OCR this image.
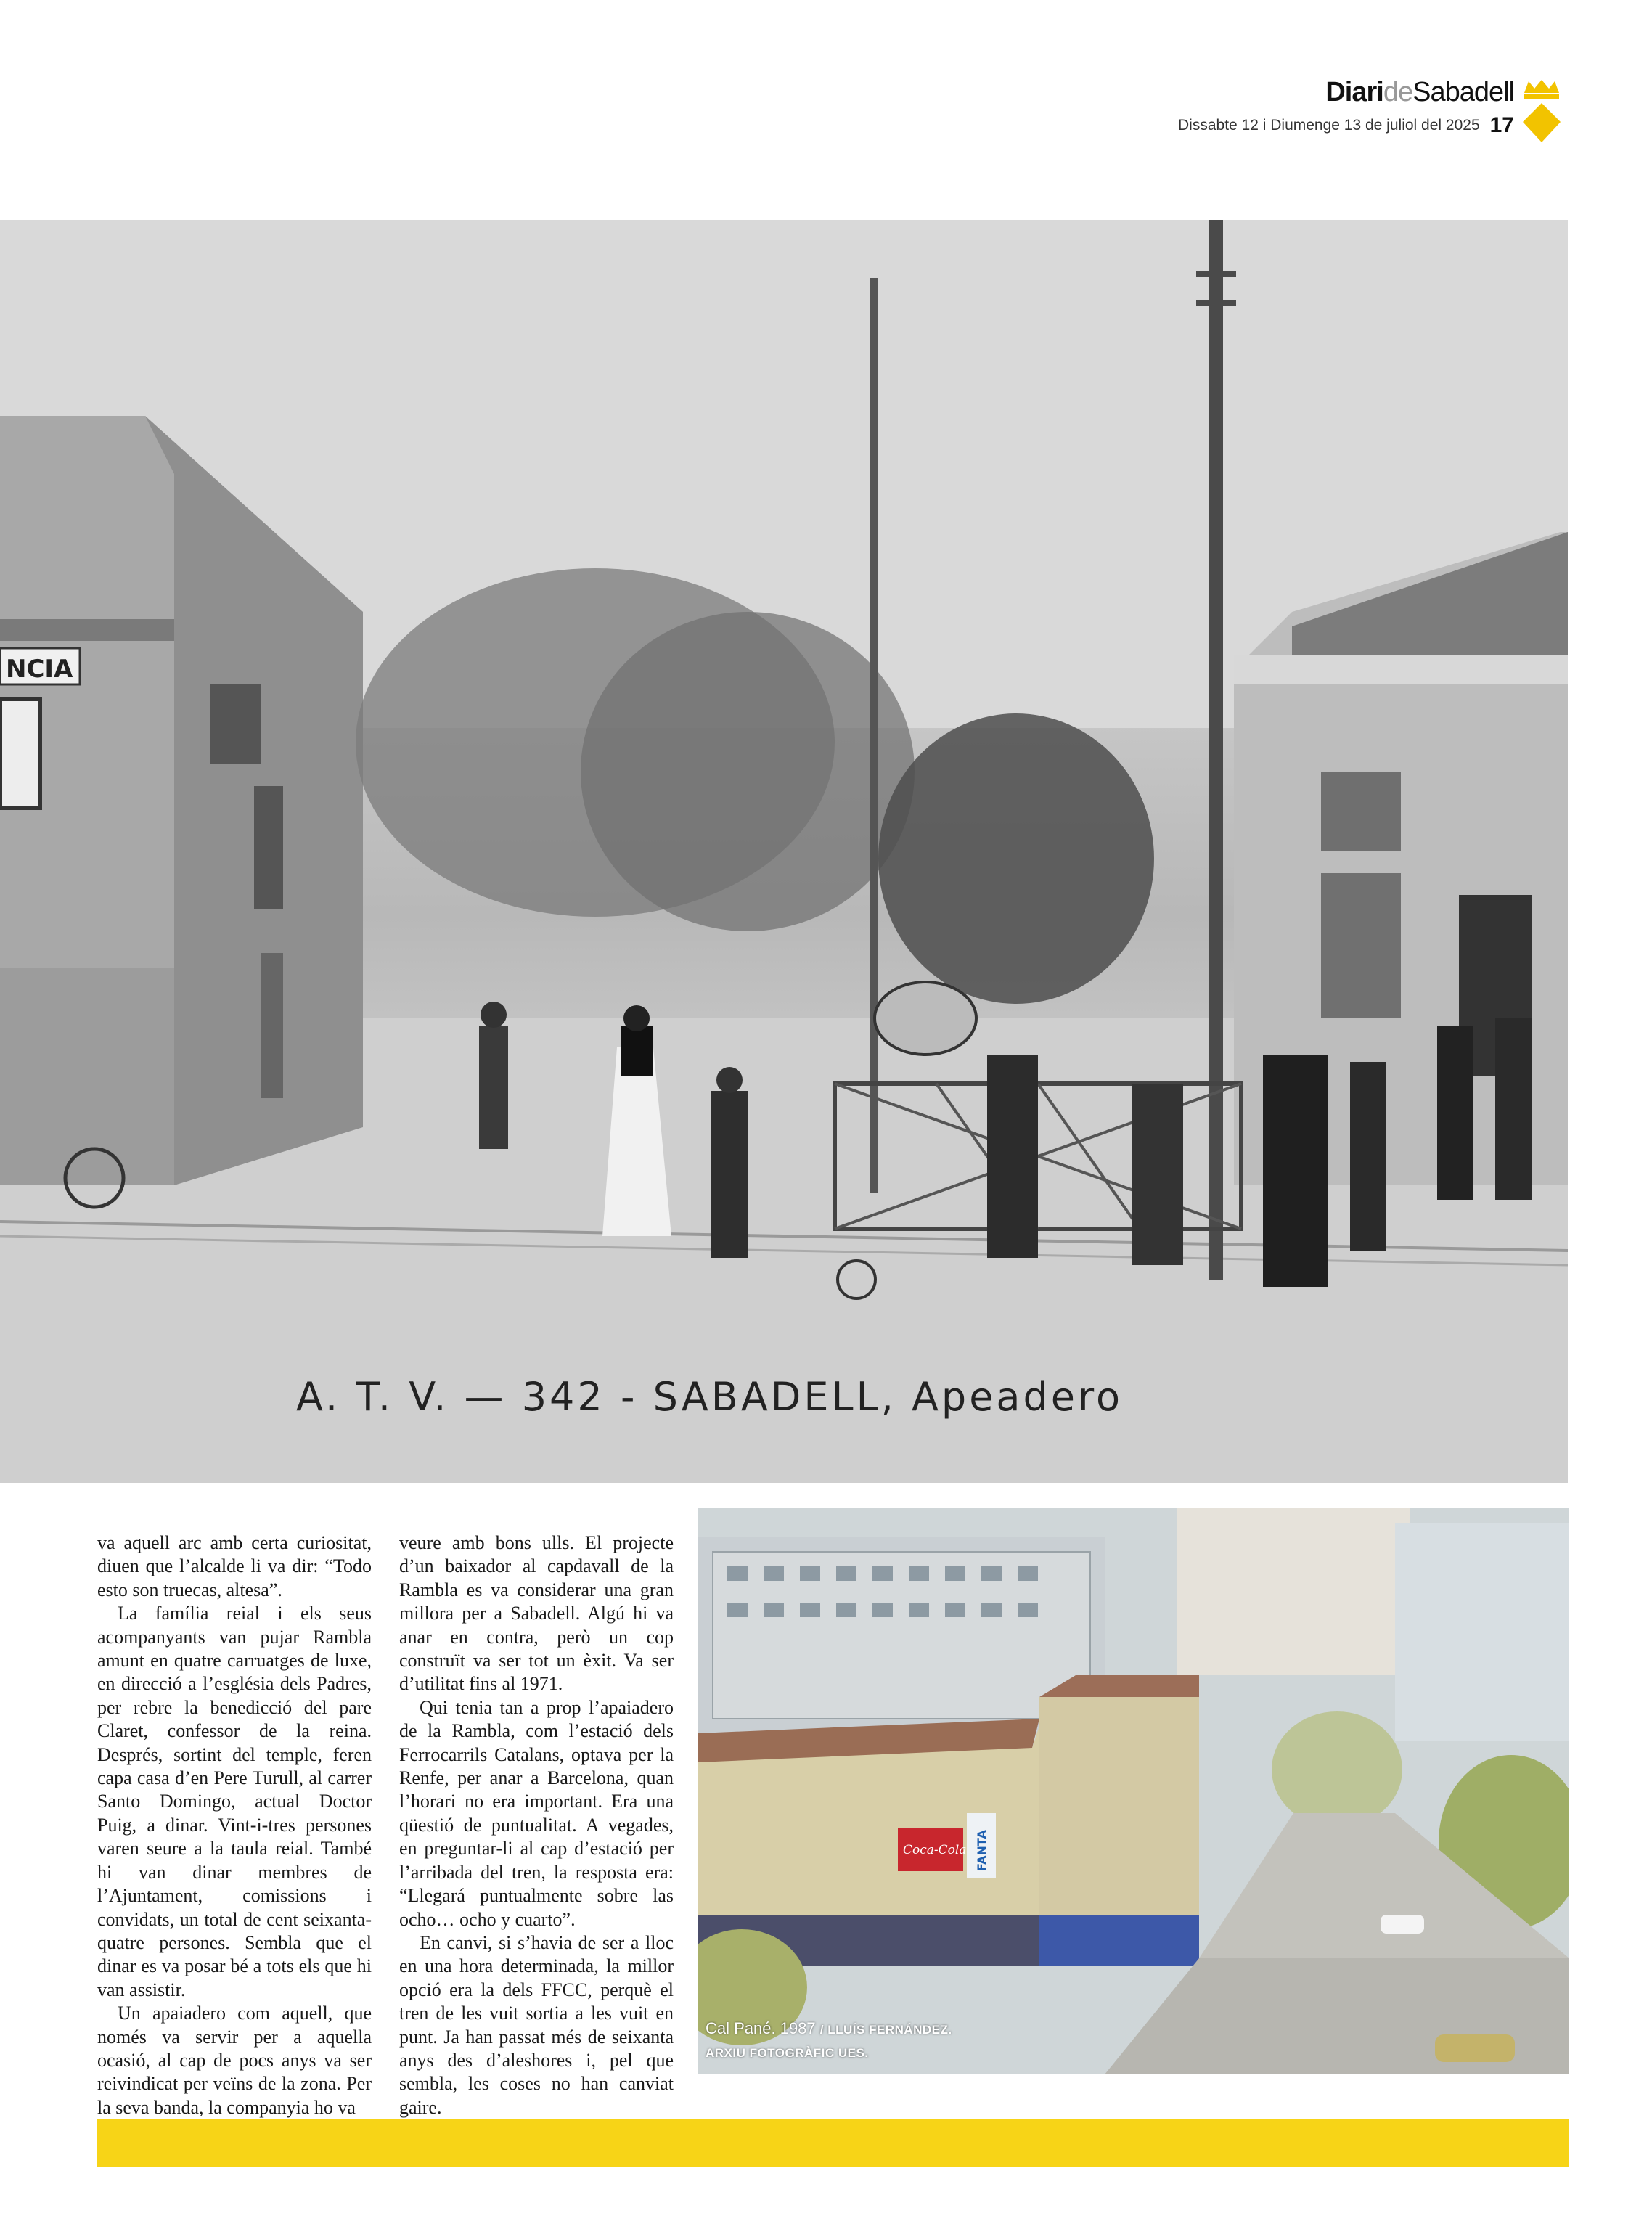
DiarideSabadell
Dissabte 12 i Diumenge 13 de juliol del 2025 17
NCIA
A. T. V. — 342 - SABADELL, Apeadero

va aquell arc amb certa curiositat, diuen que l’alcalde li va dir: “Todo esto son truecas, altesa”.

La família reial i els seus acompanyants van pujar Rambla amunt en quatre carruatges de luxe, en direcció a l’església dels Padres, per rebre la benedicció del pare Claret, confessor de la reina. Després, sortint del temple, feren capa casa d’en Pere Turull, al carrer Santo Domingo, actual Doctor Puig, a dinar. Vint-i-tres persones varen seure a la taula reial. També hi van dinar membres de l’Ajuntament, comissions i convidats, un total de cent seixanta-quatre persones. Sembla que el dinar es va posar bé a tots els que hi van assistir.

Un apaiadero com aquell, que només va servir per a aquella ocasió, al cap de pocs anys va ser reivindicat per veïns de la zona. Per la seva banda, la companyia ho va

veure amb bons ulls. El projecte d’un baixador al capdavall de la Rambla es va considerar una gran millora per a Sabadell. Algú hi va anar en contra, però un cop construït va ser tot un èxit. Va ser d’utilitat fins al 1971.

Qui tenia tan a prop l’apaiadero de la Rambla, com l’estació dels Ferrocarrils Catalans, optava per la Renfe, per anar a Barcelona, quan l’horari no era important. Era una qüestió de puntualitat. A vegades, en preguntar-li al cap d’estació per l’arribada del tren, la resposta era: “Llegará puntualmente sobre las ocho… ocho y cuarto”.

En canvi, si s’havia de ser a lloc en una hora determinada, la millor opció era la dels FFCC, perquè el tren de les vuit sortia a les vuit en punt. Ja han passat més de seixanta anys des d’aleshores i, pel que sembla, les coses no han canviat gaire.

Coca-Cola FANTA
Cal Pané. 1987 / LLUÍS FERNÁNDEZ. ARXIU FOTOGRÀFIC UES.
